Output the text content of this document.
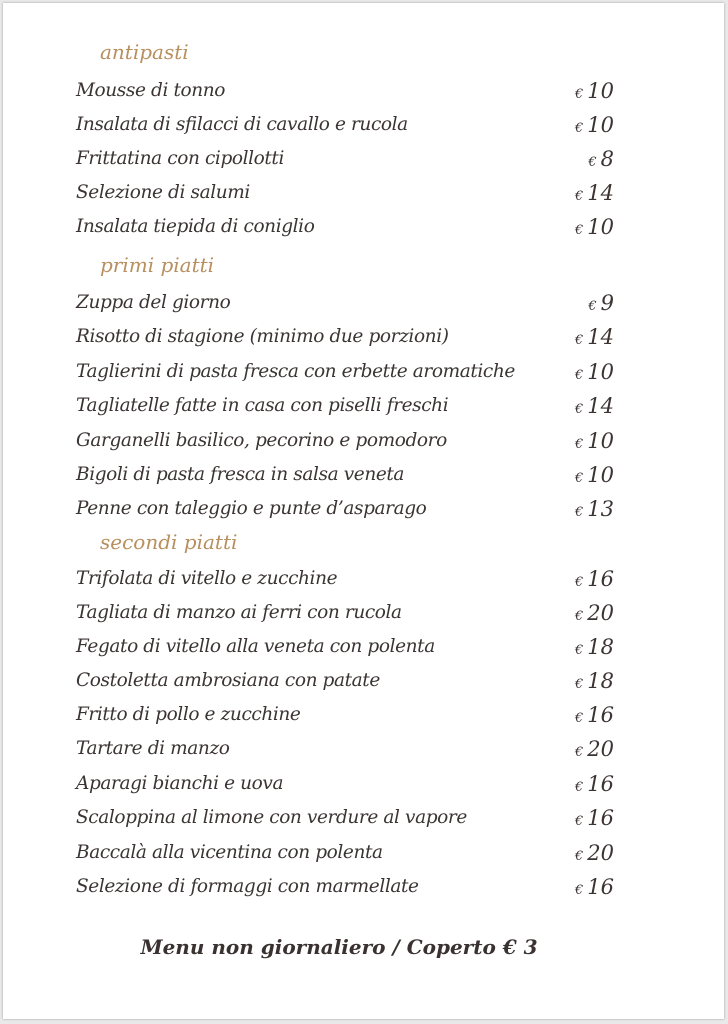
antipasti
Mousse di tonno	€ 10
Insalata di sfilacci di cavallo e rucola	€ 10
Frittatina con cipollotti	€ 8
Selezione di salumi	€ 14
Insalata tiepida di coniglio	€ 10
primi piatti
Zuppa del giorno	€ 9
Risotto di stagione (minimo due porzioni)	€ 14
Taglierini di pasta fresca con erbette aromatiche	€ 10
Tagliatelle fatte in casa con piselli freschi	€ 14
Garganelli basilico, pecorino e pomodoro	€ 10
Bigoli di pasta fresca in salsa veneta	€ 10
Penne con taleggio e punte d’asparago	€ 13
secondi piatti
Trifolata di vitello e zucchine	€ 16
Tagliata di manzo ai ferri con rucola	€ 20
Fegato di vitello alla veneta con polenta	€ 18
Costoletta ambrosiana con patate	€ 18
Fritto di pollo e zucchine	€ 16
Tartare di manzo	€ 20
Aparagi bianchi e uova	€ 16
Scaloppina al limone con verdure al vapore	€ 16
Baccalà alla vicentina con polenta	€ 20
Selezione di formaggi con marmellate	€ 16
Menu non giornaliero / Coperto € 3
